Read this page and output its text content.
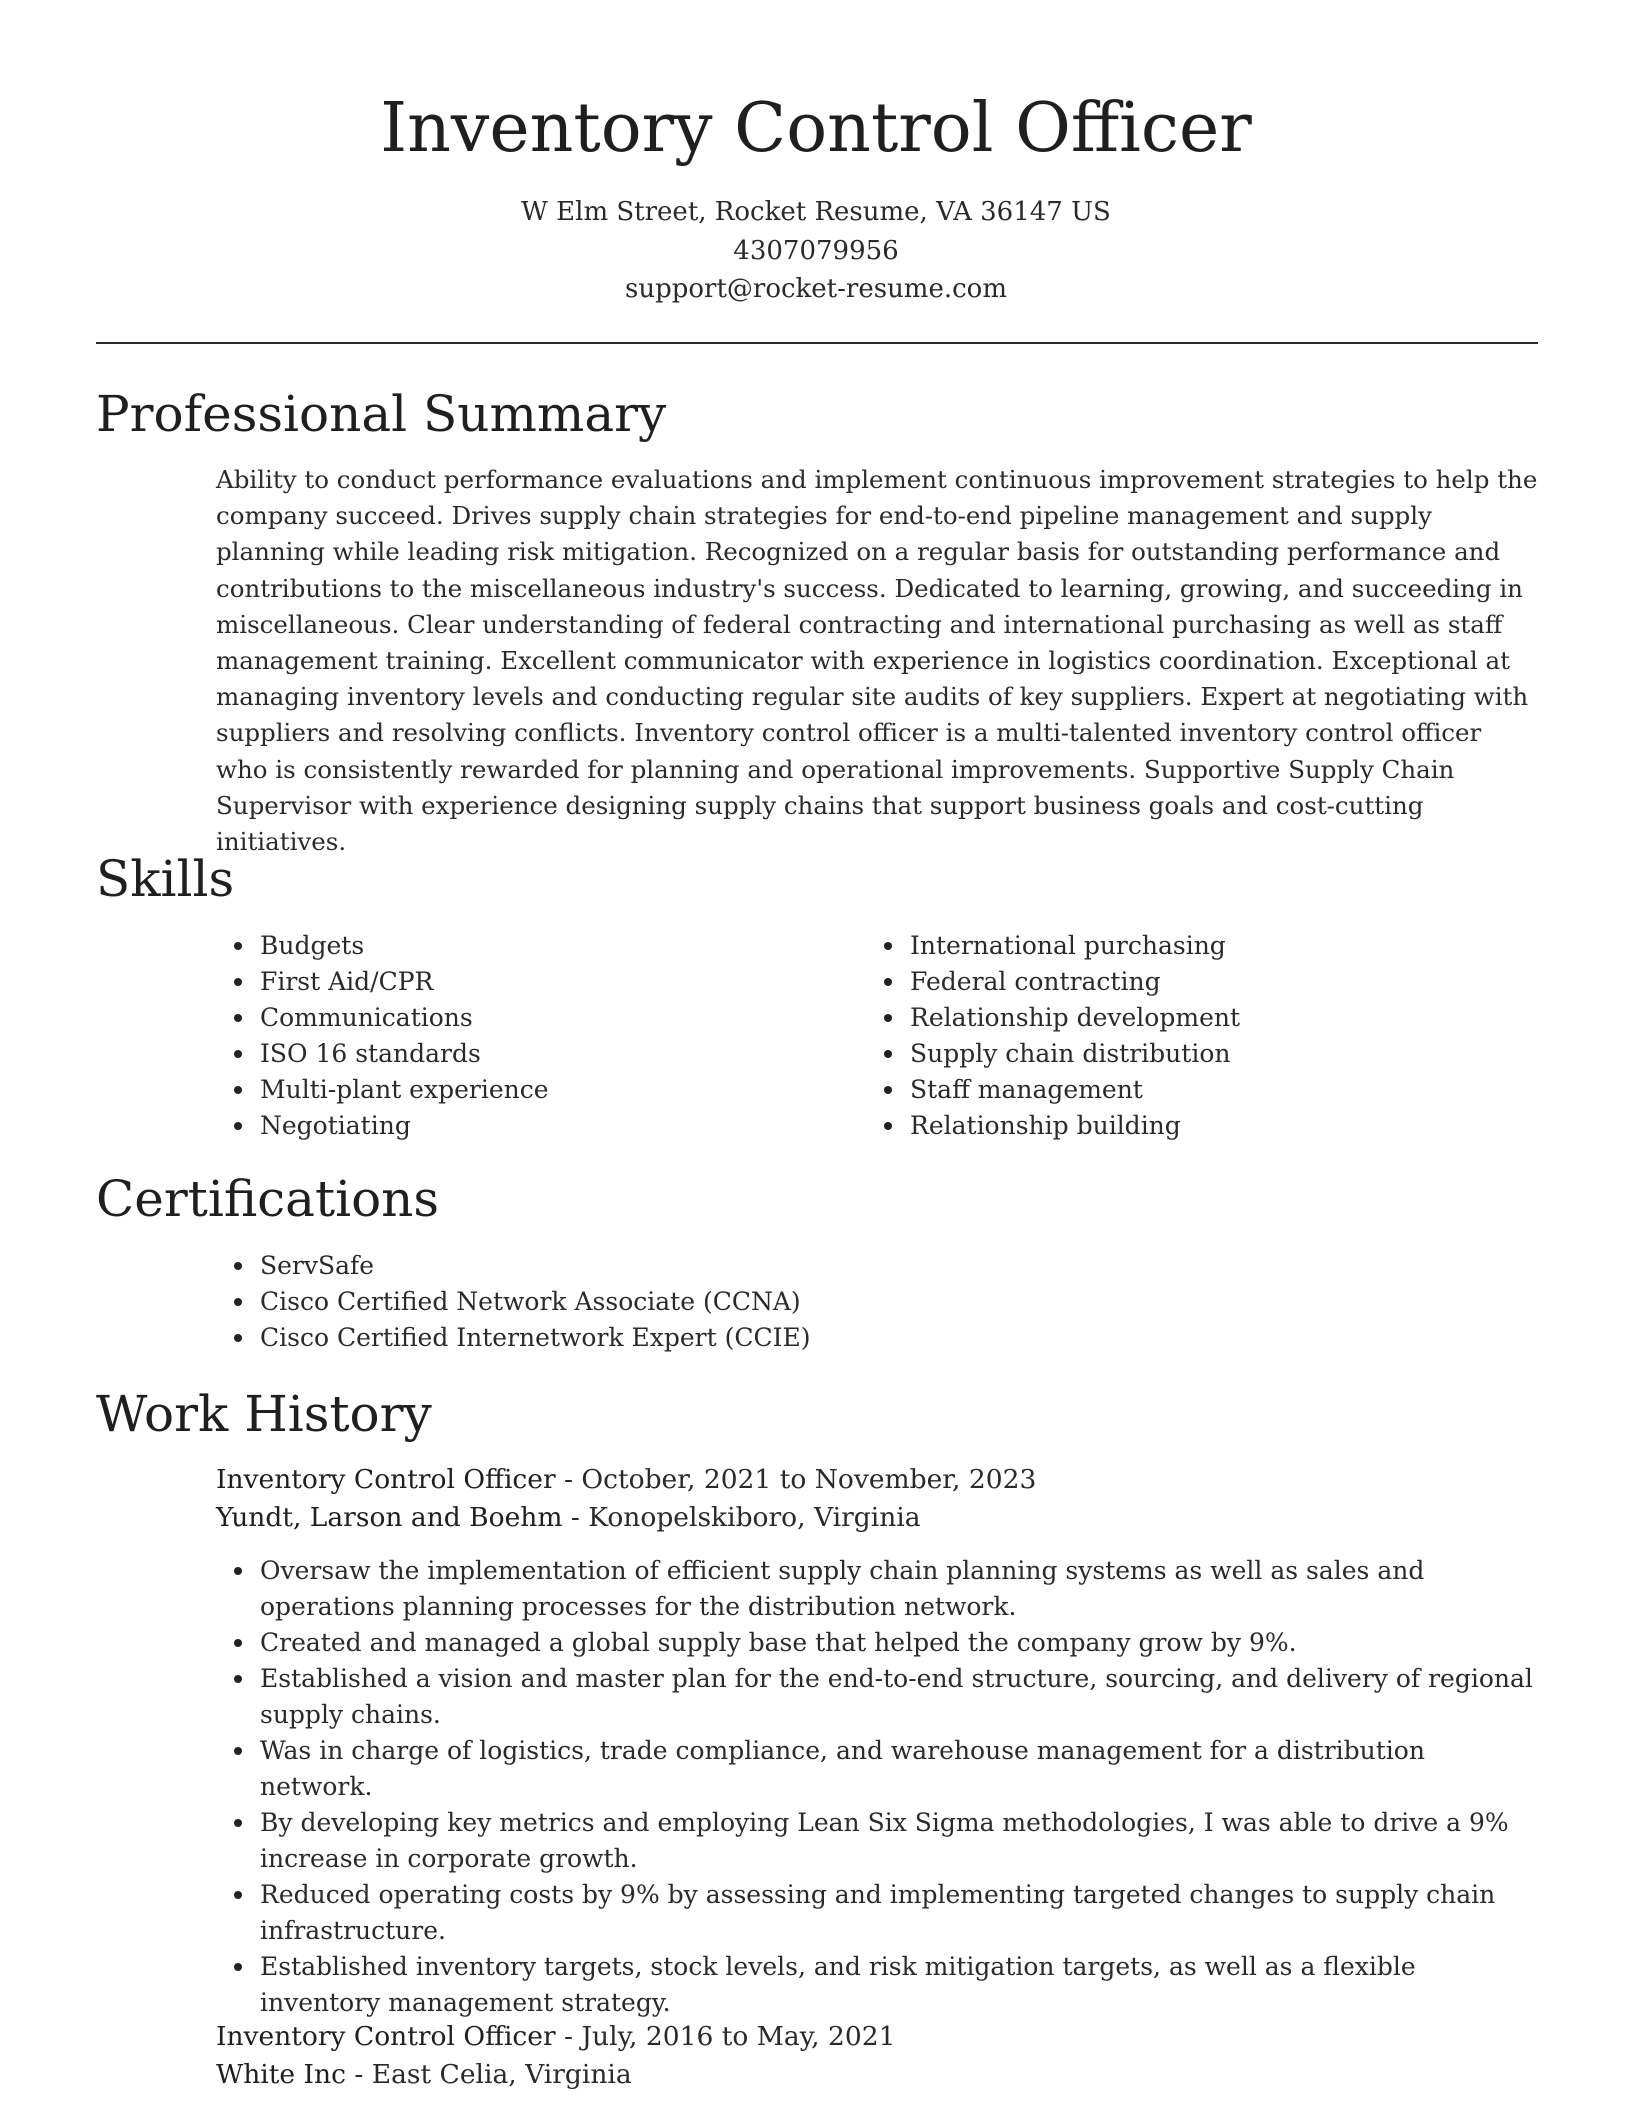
Inventory Control Officer
W Elm Street, Rocket Resume, VA 36147 US
4307079956
support@rocket-resume.com
Professional Summary

Ability to conduct performance evaluations and implement continuous improvement strategies to help the company succeed. Drives supply chain strategies for end-to-end pipeline management and supply planning while leading risk mitigation. Recognized on a regular basis for outstanding performance and contributions to the miscellaneous industry's success. Dedicated to learning, growing, and succeeding in miscellaneous. Clear understanding of federal contracting and international purchasing as well as staff management training. Excellent communicator with experience in logistics coordination. Exceptional at managing inventory levels and conducting regular site audits of key suppliers. Expert at negotiating with suppliers and resolving conflicts. Inventory control officer is a multi-talented inventory control officer who is consistently rewarded for planning and operational improvements. Supportive Supply Chain Supervisor with experience designing supply chains that support business goals and cost-cutting initiatives.

Skills
Budgets
First Aid/CPR
Communications
ISO 16 standards
Multi-plant experience
Negotiating
International purchasing
Federal contracting
Relationship development
Supply chain distribution
Staff management
Relationship building
Certifications
ServSafe
Cisco Certified Network Associate (CCNA)
Cisco Certified Internetwork Expert (CCIE)
Work History
Inventory Control Officer - October, 2021 to November, 2023
Yundt, Larson and Boehm - Konopelskiboro, Virginia
Oversaw the implementation of efficient supply chain planning systems as well as sales and operations planning processes for the distribution network.
Created and managed a global supply base that helped the company grow by 9%.
Established a vision and master plan for the end-to-end structure, sourcing, and delivery of regional supply chains.
Was in charge of logistics, trade compliance, and warehouse management for a distribution network.
By developing key metrics and employing Lean Six Sigma methodologies, I was able to drive a 9% increase in corporate growth.
Reduced operating costs by 9% by assessing and implementing targeted changes to supply chain infrastructure.
Established inventory targets, stock levels, and risk mitigation targets, as well as a flexible inventory management strategy.
Inventory Control Officer - July, 2016 to May, 2021
White Inc - East Celia, Virginia
